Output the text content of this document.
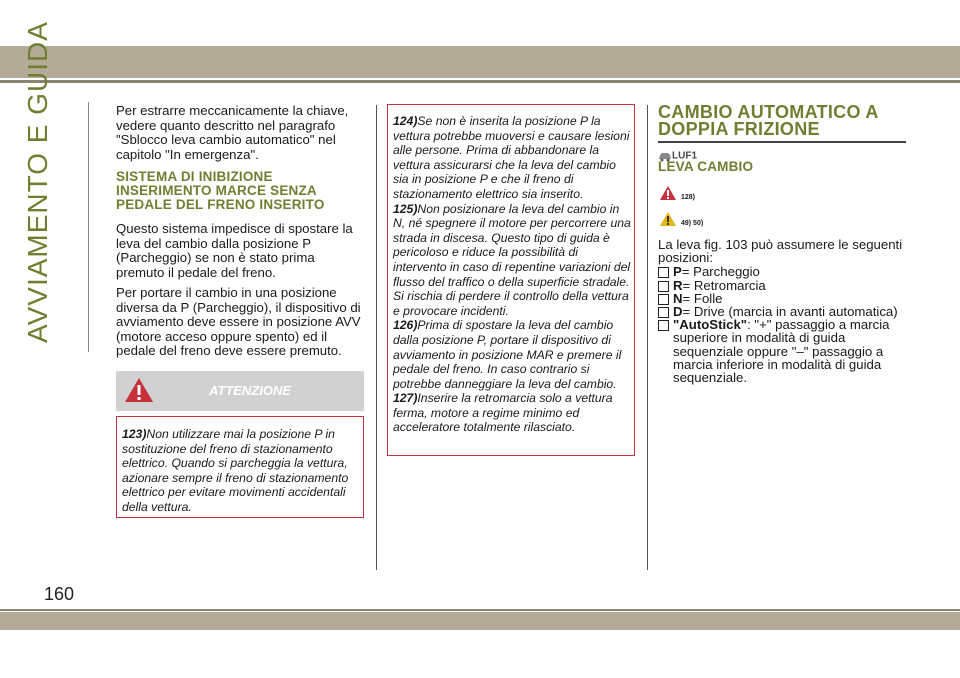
AVVIAMENTO E GUIDA
160

Per estrarre meccanicamente la chiave, vedere quanto descritto nel paragrafo "Sblocco leva cambio automatico" nel capitolo "In emergenza".

SISTEMA DI INIBIZIONE INSERIMENTO MARCE SENZA PEDALE DEL FRENO INSERITO

Questo sistema impedisce di spostare la leva del cambio dalla posizione P (Parcheggio) se non è stato prima premuto il pedale del freno.

Per portare il cambio in una posizione diversa da P (Parcheggio), il dispositivo di avviamento deve essere in posizione AVV (motore acceso oppure spento) ed il pedale del freno deve essere premuto.

ATTENZIONE
123)Non utilizzare mai la posizione P in sostituzione del freno di stazionamento elettrico. Quando si parcheggia la vettura, azionare sempre il freno di stazionamento elettrico per evitare movimenti accidentali della vettura.
124)Se non è inserita la posizione P la vettura potrebbe muoversi e causare lesioni alle persone. Prima di abbandonare la vettura assicurarsi che la leva del cambio sia in posizione P e che il freno di stazionamento elettrico sia inserito.
125)Non posizionare la leva del cambio in N, né spegnere il motore per percorrere una strada in discesa. Questo tipo di guida è pericoloso e riduce la possibilità di intervento in caso di repentine variazioni del flusso del traffico o della superficie stradale. Si rischia di perdere il controllo della vettura e provocare incidenti.
126)Prima di spostare la leva del cambio dalla posizione P, portare il dispositivo di avviamento in posizione MAR e premere il pedale del freno. In caso contrario si potrebbe danneggiare la leva del cambio.
127)Inserire la retromarcia solo a vettura ferma, motore a regime minimo ed acceleratore totalmente rilasciato.
CAMBIO AUTOMATICO A DOPPIA FRIZIONE
LUF1
LEVA CAMBIO
128)
49) 50)

La leva fig. 103 può assumere le seguenti posizioni:

P= Parcheggio
R= Retromarcia
N= Folle
D= Drive (marcia in avanti automatica)
"AutoStick": "+" passaggio a marcia superiore in modalità di guida sequenziale oppure "–" passaggio a marcia inferiore in modalità di guida sequenziale.
